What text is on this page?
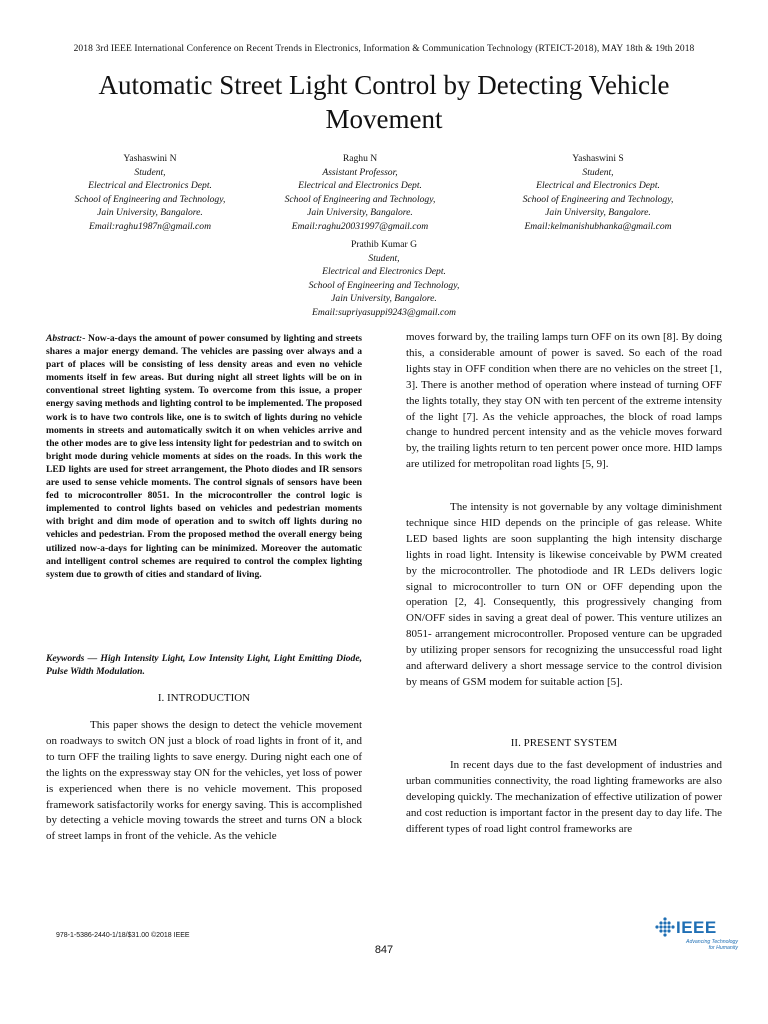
2018 3rd IEEE International Conference on Recent Trends in Electronics, Information & Communication Technology (RTEICT-2018), MAY 18th & 19th 2018
Automatic Street Light Control by Detecting Vehicle Movement
Yashaswini N
Student,
Electrical and Electronics Dept.
School of Engineering and Technology,
Jain University, Bangalore.
Email:raghu1987n@gmail.com
Raghu N
Assistant Professor,
Electrical and Electronics Dept.
School of Engineering and Technology,
Jain University, Bangalore.
Email:raghu20031997@gmail.com
Yashaswini S
Student,
Electrical and Electronics Dept.
School of Engineering and Technology,
Jain University, Bangalore.
Email:kelmanishubhanka@gmail.com
Prathib Kumar G
Student,
Electrical and Electronics Dept.
School of Engineering and Technology,
Jain University, Bangalore.
Email:supriyasuppi9243@gmail.com
Abstract:- Now-a-days the amount of power consumed by lighting and streets shares a major energy demand. The vehicles are passing over always and a part of places will be consisting of less density areas and even no vehicle moments itself in few areas. But during night all street lights will be on in conventional street lighting system. To overcome from this issue, a proper energy saving methods and lighting control to be implemented. The proposed work is to have two controls like, one is to switch of lights during no vehicle moments in streets and automatically switch it on when vehicles arrive and the other modes are to give less intensity light for pedestrian and to switch on bright mode during vehicle moments at sides on the roads. In this work the LED lights are used for street arrangement, the Photo diodes and IR sensors are used to sense vehicle moments. The control signals of sensors have been fed to microcontroller 8051. In the microcontroller the control logic is implemented to control lights based on vehicles and pedestrian moments with bright and dim mode of operation and to switch off lights during no vehicles and pedestrian. From the proposed method the overall energy being utilized now-a-days for lighting can be minimized. Moreover the automatic and intelligent control schemes are required to control the complex lighting system due to growth of cities and standard of living.
Keywords — High Intensity Light, Low Intensity Light, Light Emitting Diode, Pulse Width Modulation.
I. INTRODUCTION
This paper shows the design to detect the vehicle movement on roadways to switch ON just a block of road lights in front of it, and to turn OFF the trailing lights to save energy. During night each one of the lights on the expressway stay ON for the vehicles, yet loss of power is experienced when there is no vehicle movement. This proposed framework satisfactorily works for energy saving. This is accomplished by detecting a vehicle moving towards the street and turns ON a block of street lamps in front of the vehicle. As the vehicle
moves forward by, the trailing lamps turn OFF on its own [8]. By doing this, a considerable amount of power is saved. So each of the road lights stay in OFF condition when there are no vehicles on the street [1, 3]. There is another method of operation where instead of turning OFF the lights totally, they stay ON with ten percent of the extreme intensity of the light [7]. As the vehicle approaches, the block of road lamps change to hundred percent intensity and as the vehicle moves forward by, the trailing lights return to ten percent power once more. HID lamps are utilized for metropolitan road lights [5, 9].
The intensity is not governable by any voltage diminishment technique since HID depends on the principle of gas release. White LED based lights are soon supplanting the high intensity discharge lights in road light. Intensity is likewise conceivable by PWM created by the microcontroller. The photodiode and IR LEDs delivers logic signal to microcontroller to turn ON or OFF depending upon the operation [2, 4]. Consequently, this progressively changing from ON/OFF sides in saving a great deal of power. This venture utilizes an 8051- arrangement microcontroller. Proposed venture can be upgraded by utilizing proper sensors for recognizing the unsuccessful road light and afterward delivery a short message service to the control division by means of GSM modem for suitable action [5].
II. PRESENT SYSTEM
In recent days due to the fast development of industries and urban communities connectivity, the road lighting frameworks are also developing quickly. The mechanization of effective utilization of power and cost reduction is important factor in the present day to day life. The different types of road light control frameworks are
978-1-5386-2440-1/18/$31.00 ©2018 IEEE
847
IEEE
Advancing Technology
for Humanity
